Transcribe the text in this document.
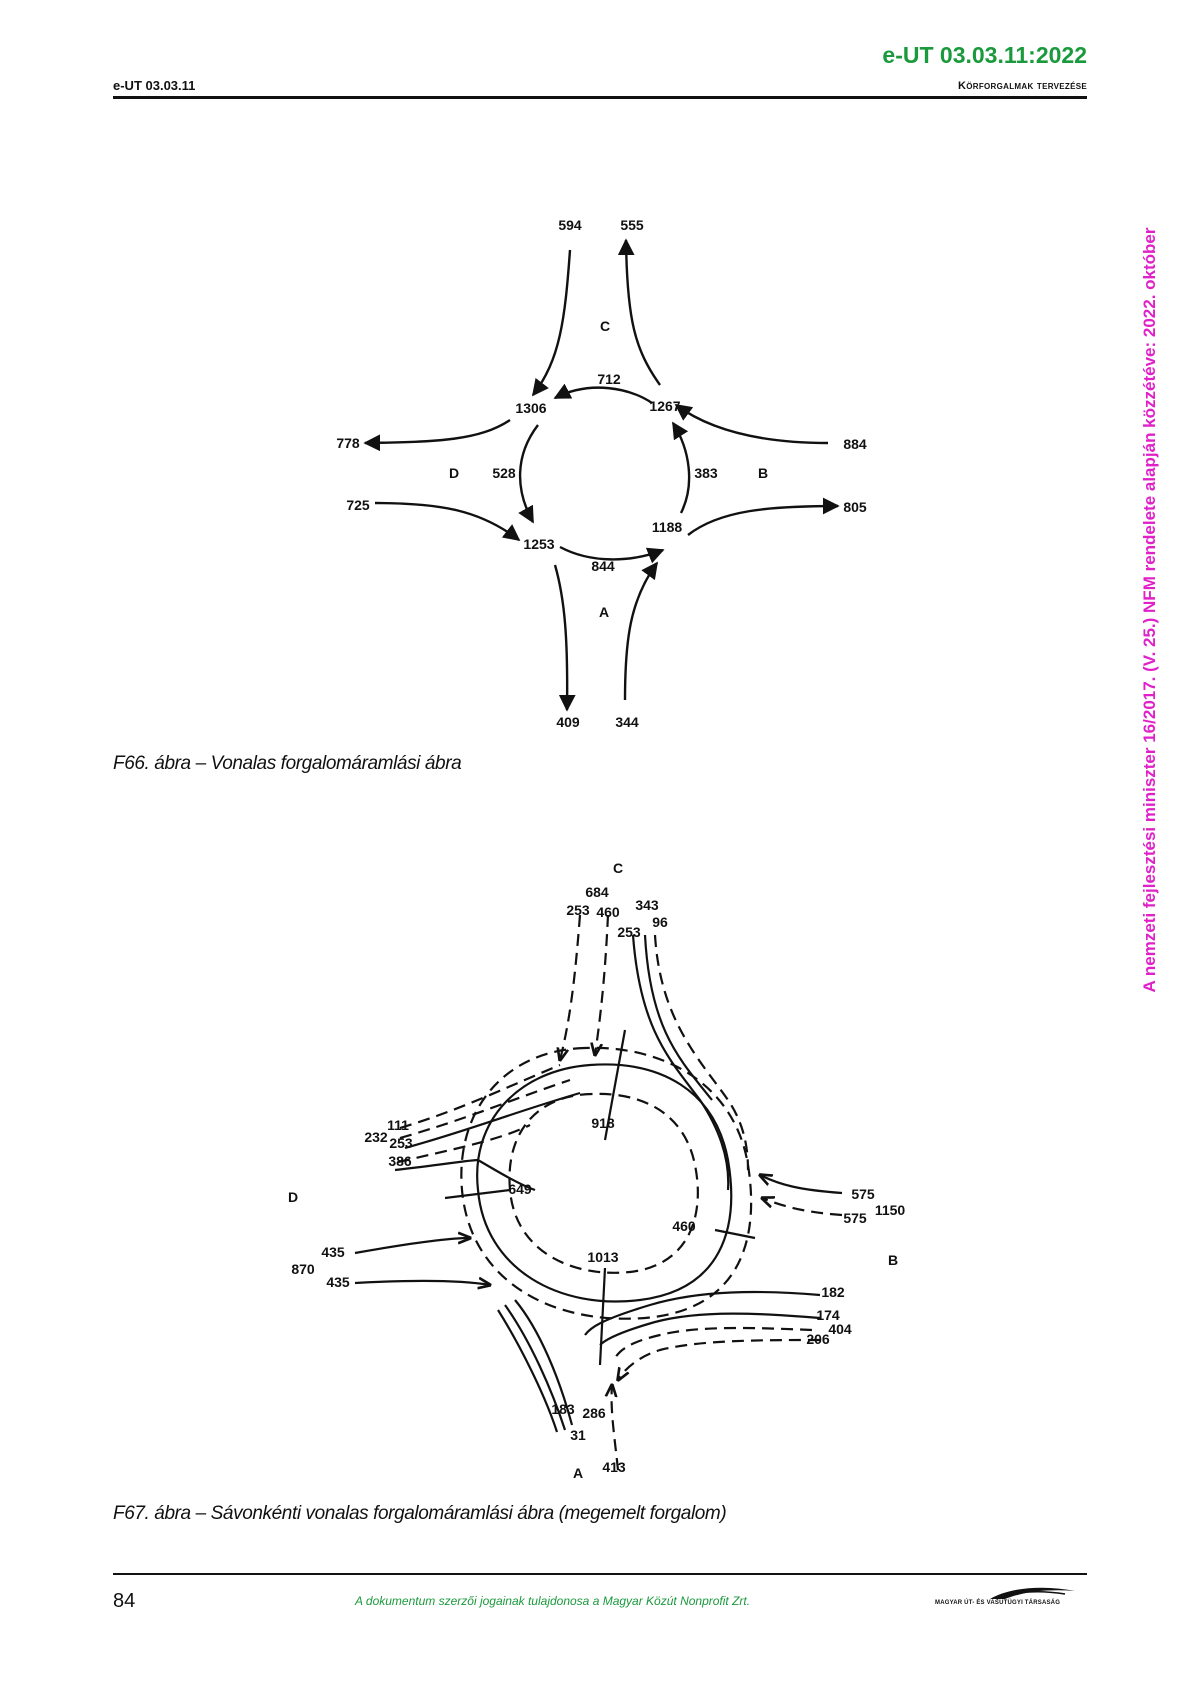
e-UT 03.03.11:2022
e-UT 03.03.11	Körforgalmak tervezése
A nemzeti fejlesztési miniszter 16/2017. (V. 25.) NFM rendelete alapján közzétéve: 2022. október
594	555
C
712
1306	1267
778	884
D 528	383	B
725	805
1188
1253
844
A
409	344
C
684
253 460 343
96
253
918
111
232 253
386
D	649	575
575 1150
460
435	1013	B
870
435
182
174
404
206
183 286
31
A 413
F66. ábra – Vonalas forgalomáramlási ábra
F67. ábra – Sávonkénti vonalas forgalomáramlási ábra (megemelt forgalom)
84	A dokumentum szerzői jogainak tulajdonosa a Magyar Közút Nonprofit Zrt.	MAGYAR ÚT- ÉS VASÚTÜGYI TÁRSASÁG
